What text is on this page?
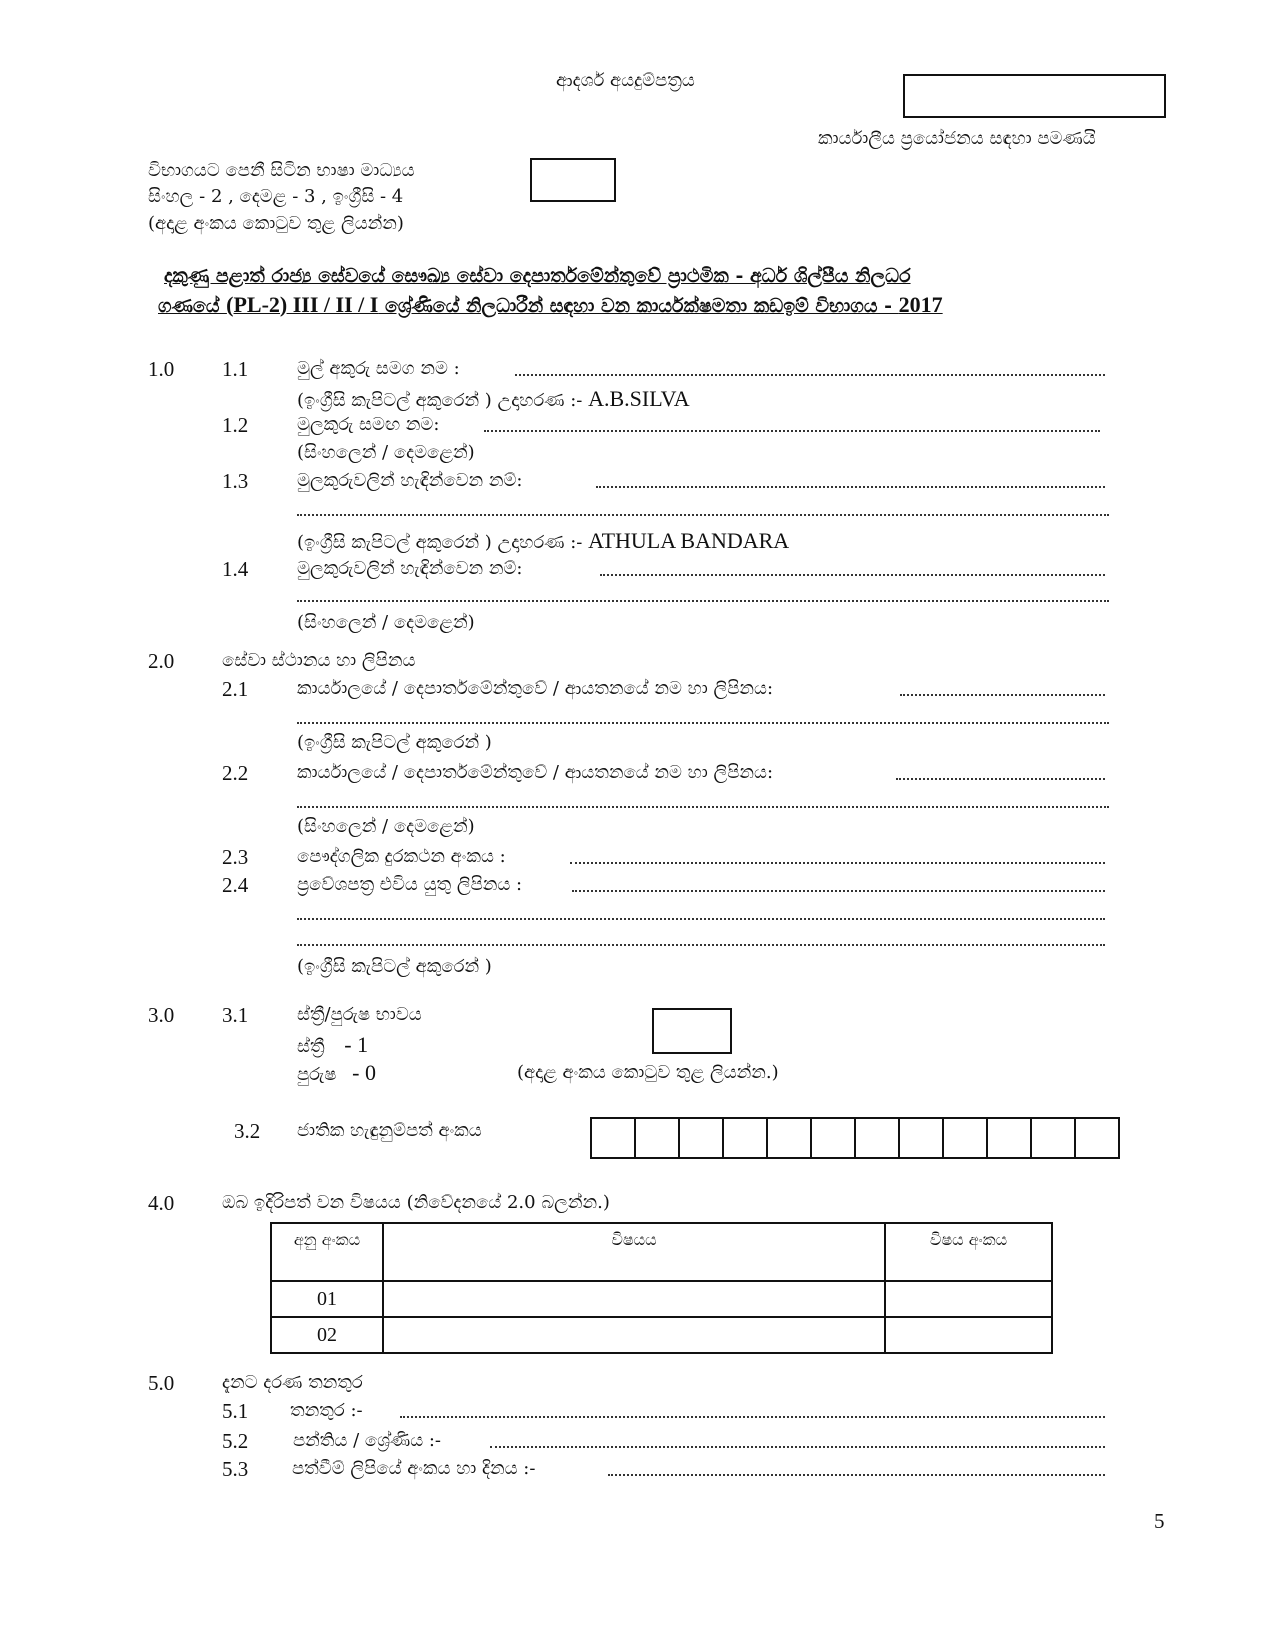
ආදර්ශ අයදුම්පත්‍රය
කාර්යාලීය ප්‍රයෝජනය සඳහා පමණයි
විභාගයට පෙනී සිටින භාෂා මාධ්‍යය
සිංහල - 2 , දෙමළ - 3 , ඉංග්‍රීසි - 4
(අදාළ අංකය කොටුව තුළ ලියන්න)
දකුණු පළාත් රාජ්‍ය සේවයේ සෞඛ්‍ය සේවා දෙපාර්තමේන්තුවේ ප්‍රාථමික - අර්ධ ශිල්පීය නිලධර
ගණයේ (PL-2) III / II / I ශ්‍රේණියේ නිලධාරීන් සඳහා වන කාර්යක්ෂමතා කඩඉම් විභාගය - 2017
1.0 1.1	මුල් අකුරු සමග නම :
(ඉංග්‍රීසි කැපිටල් අකුරෙන් ) උදාහරණ :- A.B.SILVA
1.2	මුලකුරු සමඟ නම:
(සිංහලෙන් / දෙමළෙන්)
1.3	මුලකුරුවලින් හැඳින්වෙන නම්:
(ඉංග්‍රීසි කැපිටල් අකුරෙන් ) උදාහරණ :- ATHULA BANDARA
1.4	මුලකුරුවලින් හැඳින්වෙන නම්:
(සිංහලෙන් / දෙමළෙන්)
2.0	සේවා ස්ථානය හා ලිපිනය
2.1	කාර්යාලයේ / දෙපාර්තමේන්තුවේ / ආයතනයේ නම හා ලිපිනය:
(ඉංග්‍රීසි කැපිටල් අකුරෙන් )
2.2	කාර්යාලයේ / දෙපාර්තමේන්තුවේ / ආයතනයේ නම හා ලිපිනය:
(සිංහලෙන් / දෙමළෙන්)
2.3	පෞද්ගලික දුරකථන අංකය :
2.4	ප්‍රවේශපත්‍ර එවිය යුතු ලිපිනය :
(ඉංග්‍රීසි කැපිටල් අකුරෙන් )
3.0 3.1	ස්ත්‍රී/පුරුෂ භාවය
ස්ත්‍රී - 1
පුරුෂ - 0	(අදාළ අංකය කොටුව තුළ ලියන්න.)
3.2 ජාතික හැඳුනුම්පත් අංකය
4.0	ඔබ ඉදිරිපත් වන විෂයය (නිවේදනයේ 2.0 බලන්න.)
අනු අංකය	විෂයය	විෂය අංකය
01		
02		
5.0	දැනට දරණ තනතුර
5.1 තනතුර :-
5.2 පන්තිය / ශ්‍රේණිය :-
5.3 පත්වීම් ලිපියේ අංකය හා දිනය :-
5
